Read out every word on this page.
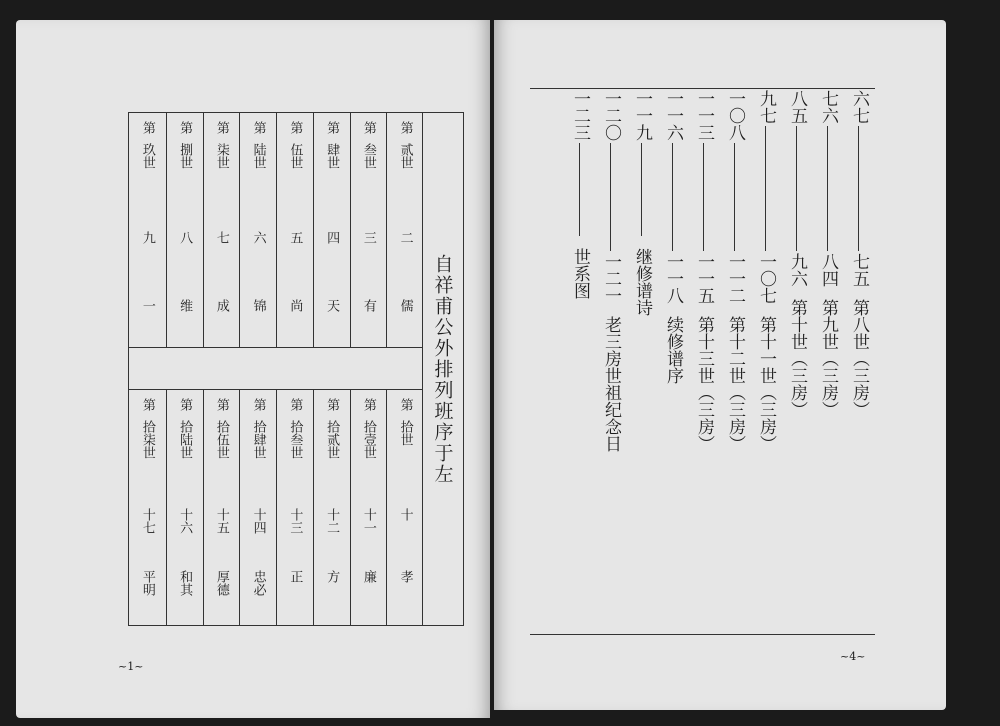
自祥甫公外排列班序于左
第
贰世
二
儒
第
叁世
三
有
第
肆世
四
天
第
伍世
五
尚
第
陆世
六
锦
第
柒世
七
成
第
捌世
八
维
第
玖世
九
一
第
拾世
十
孝
第
拾壹世
十一
廉
第
拾贰世
十二
方
第
拾叁世
十三
正
第
拾肆世
十四
忠必
第
拾伍世
十五
厚德
第
拾陆世
十六
和其
第
拾柒世
十七
平明
~1~
六七
七五
第八世（三房）
七六
八四
第九世（三房）
八五
九六
第十世（三房）
九七
一〇七
第十一世（三房）
一〇八
一一二
第十二世（三房）
一一三
一一五
第十三世（三房）
一一六
一一八
续修谱序
一一九
继修谱诗
一二〇
一二一
老三房世祖纪念日
一二三
世系图
~4~
